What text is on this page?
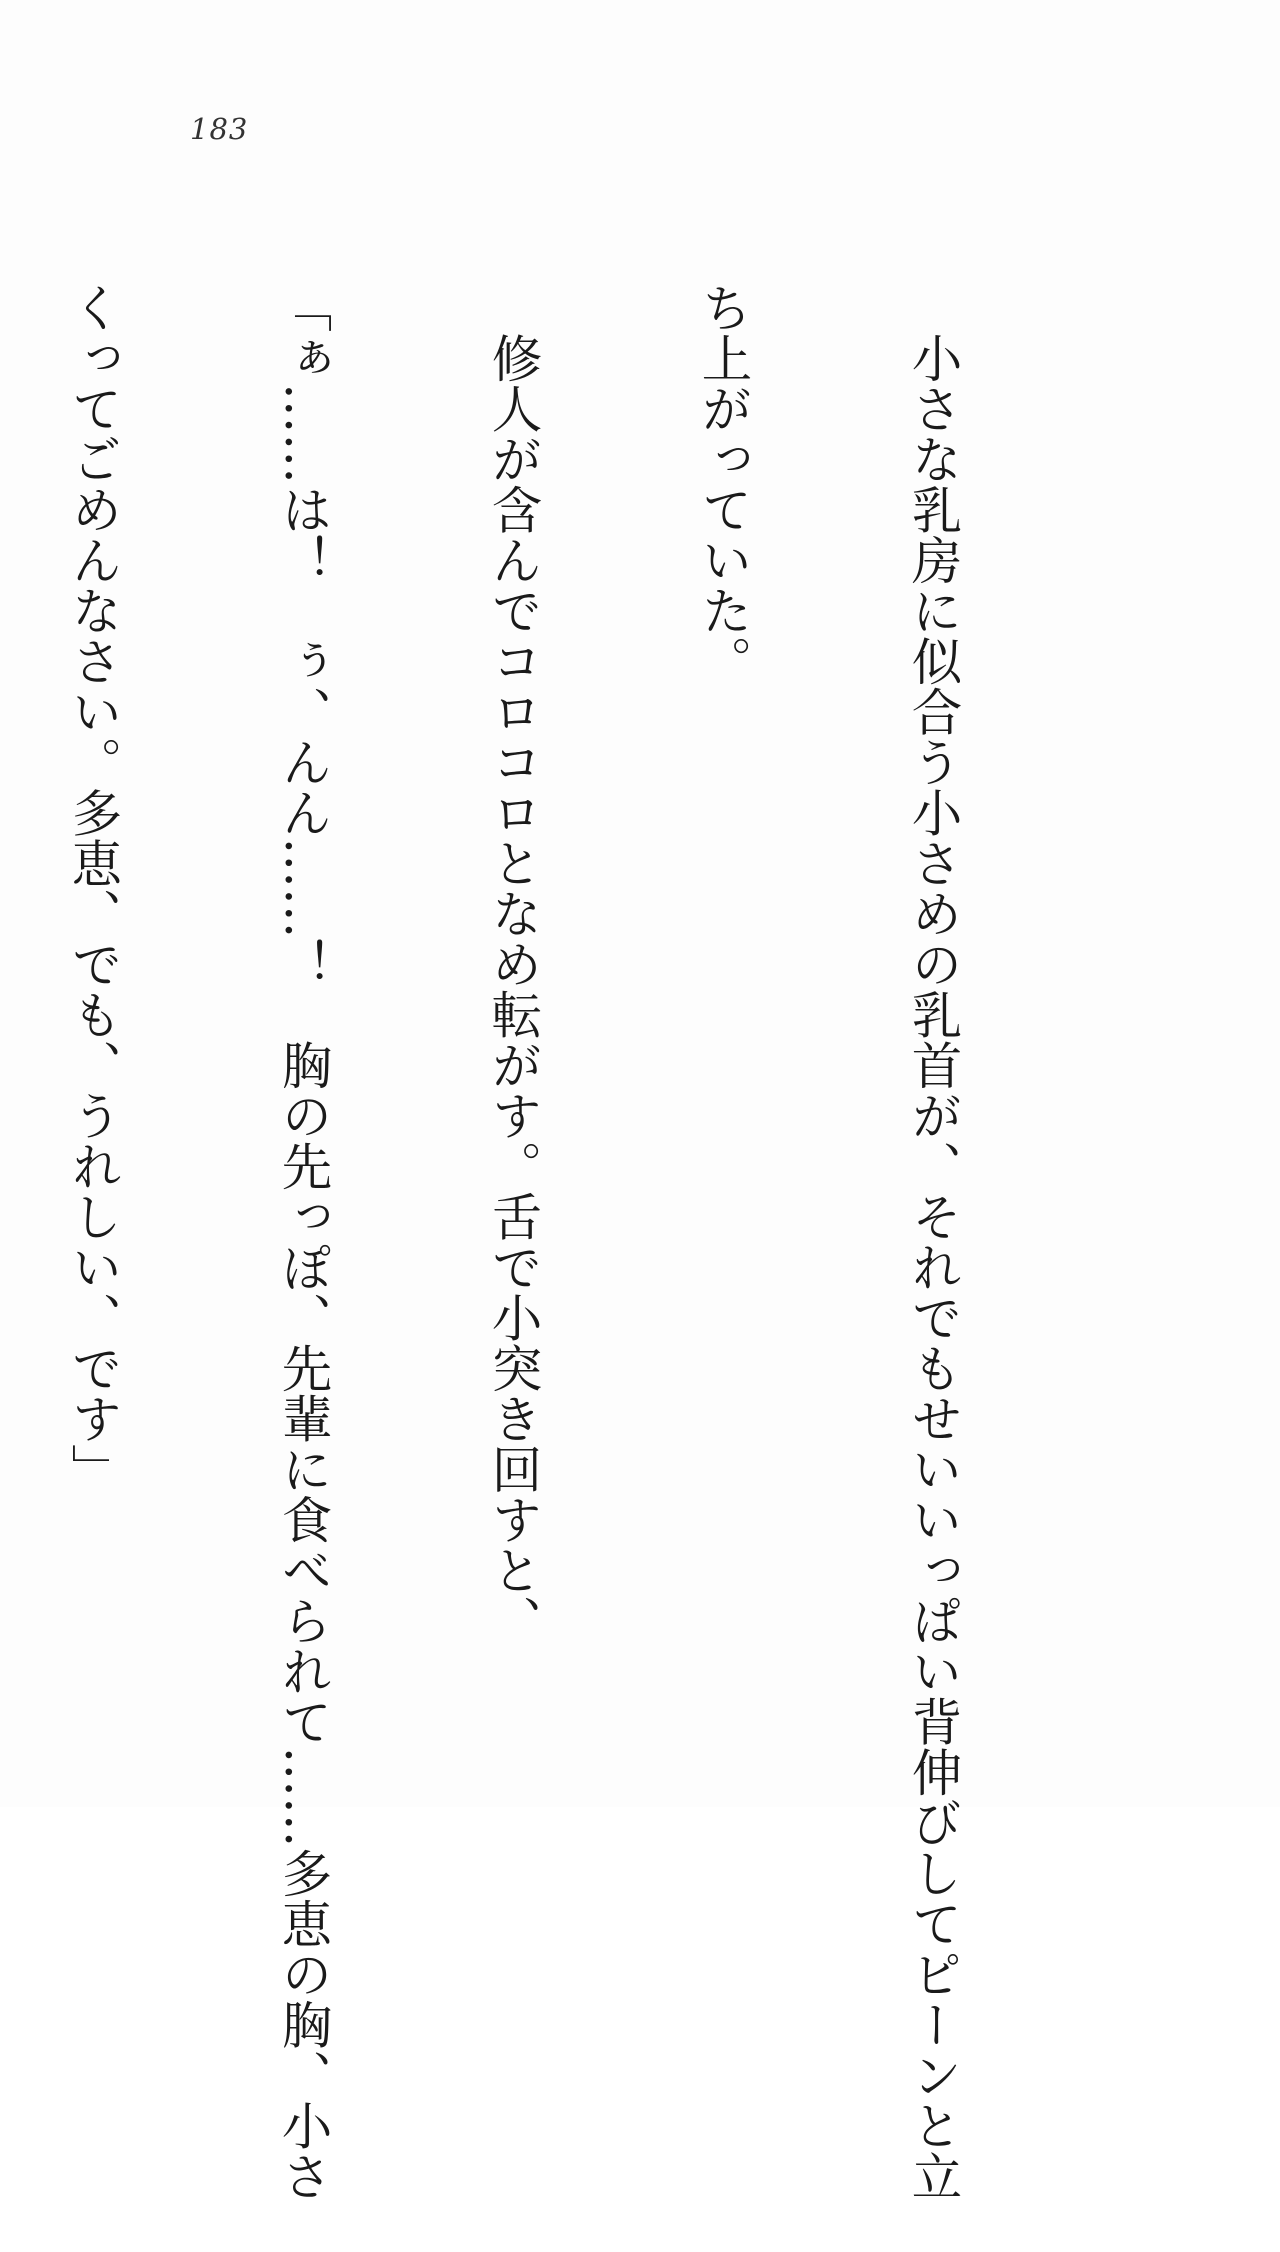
183

　小さな乳房に似合う小さめの乳首が、それでもせいいっぱい背伸びしてピーンと立

ち上がっていた。

　修人が含んでコロコロとなめ転がす。舌で小突き回すと、

「ぁ……は！　ぅ、んん……！　胸の先っぽ、先輩に食べられて……多恵の胸、小さ

くってごめんなさい。多恵、でも、うれしい、です」
